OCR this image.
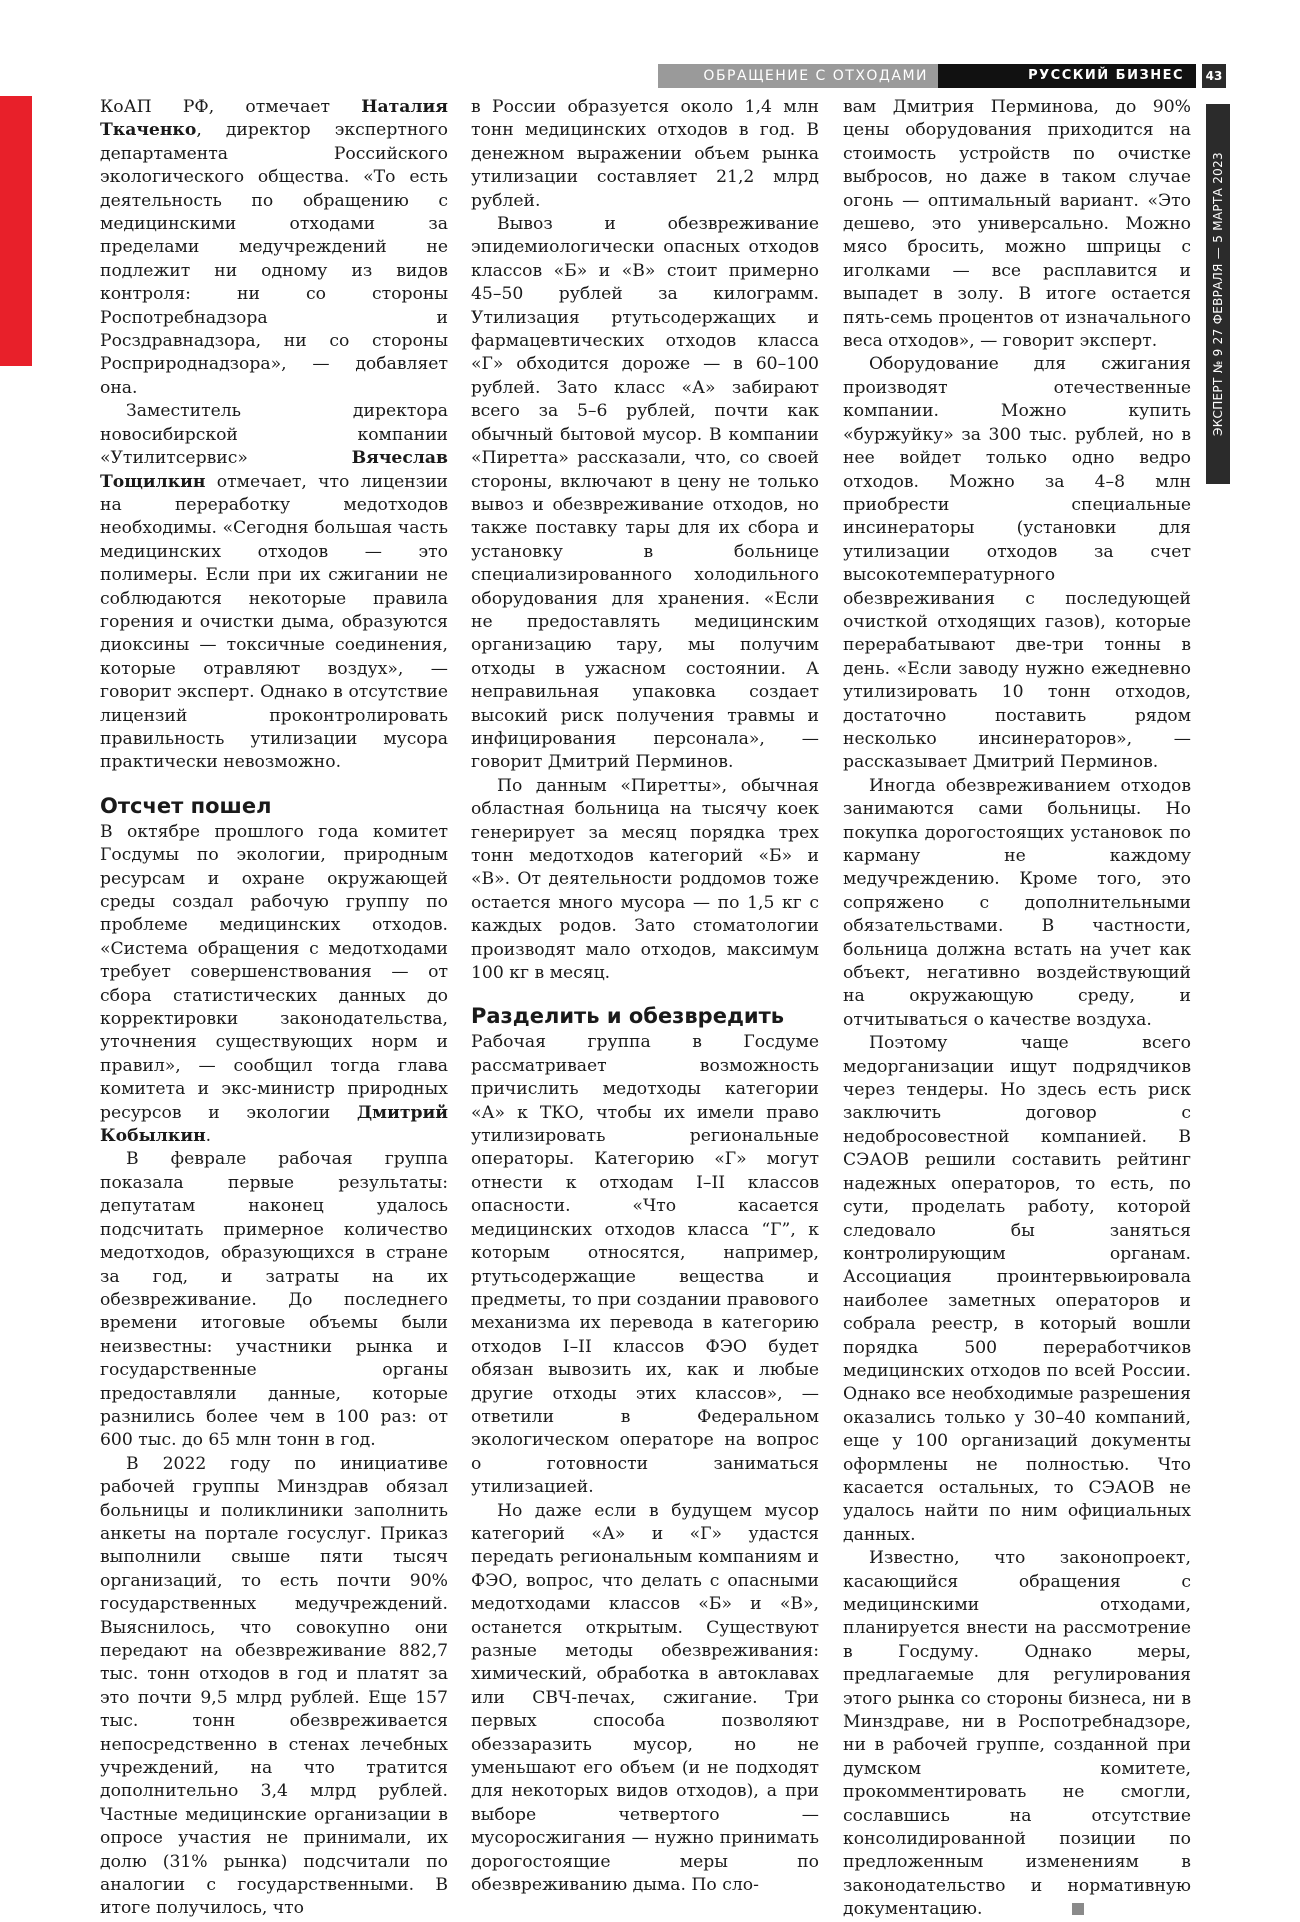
ОБРАЩЕНИЕ С ОТХОДАМИ	РУССКИЙ БИЗНЕС	43
ЭКСПЕРТ № 9 27 ФЕВРАЛЯ — 5 МАРТА 2023

КоАП РФ, отмечает Наталия Ткаченко, директор экспертного департамента Российского экологического общества. «То есть деятельность по обращению с медицинскими отходами за пределами медучреждений не подлежит ни одному из видов контроля: ни со стороны Роспотребнадзора и Росздравнадзора, ни со стороны Росприроднадзора», — добавляет она.

Заместитель директора новосибирской компании «Утилитсервис» Вячеслав Тощилкин отмечает, что лицензии на переработку медотходов необходимы. «Сегодня большая часть медицинских отходов — это полимеры. Если при их сжигании не соблюдаются некоторые правила горения и очистки дыма, образуются диоксины — токсичные соединения, которые отравляют воздух», — говорит эксперт. Однако в отсутствие лицензий проконтролировать правильность утилизации мусора практически невозможно.

Отсчет пошел

В октябре прошлого года комитет Госдумы по экологии, природным ресурсам и охране окружающей среды создал рабочую группу по проблеме медицинских отходов. «Система обращения с медотходами требует совершенствования — от сбора статистических данных до корректировки законодательства, уточнения существующих норм и правил», — сообщил тогда глава комитета и экс-министр природных ресурсов и экологии Дмитрий Кобылкин.

В феврале рабочая группа показала первые результаты: депутатам наконец удалось подсчитать примерное количество медотходов, образующихся в стране за год, и затраты на их обезвреживание. До последнего времени итоговые объемы были неизвестны: участники рынка и государственные органы предоставляли данные, которые разнились более чем в 100 раз: от 600 тыс. до 65 млн тонн в год.

В 2022 году по инициативе рабочей группы Минздрав обязал больницы и поликлиники заполнить анкеты на портале госуслуг. Приказ выполнили свыше пяти тысяч организаций, то есть почти 90% государственных медучреждений. Выяснилось, что совокупно они передают на обезвреживание 882,7 тыс. тонн отходов в год и платят за это почти 9,5 млрд рублей. Еще 157 тыс. тонн обезвреживается непосредственно в стенах лечебных учреждений, на что тратится дополнительно 3,4 млрд рублей. Частные медицинские организации в опросе участия не принимали, их долю (31% рынка) подсчитали по аналогии с государственными. В итоге получилось, что

в России образуется около 1,4 млн тонн медицинских отходов в год. В денежном выражении объем рынка утилизации составляет 21,2 млрд рублей.

Вывоз и обезвреживание эпидемиологически опасных отходов классов «Б» и «В» стоит примерно 45–50 рублей за килограмм. Утилизация ртутьсодержащих и фармацевтических отходов класса «Г» обходится дороже — в 60–100 рублей. Зато класс «А» забирают всего за 5–6 рублей, почти как обычный бытовой мусор. В компании «Пиретта» рассказали, что, со своей стороны, включают в цену не только вывоз и обезвреживание отходов, но также поставку тары для их сбора и установку в больнице специализированного холодильного оборудования для хранения. «Если не предоставлять медицинским организацию тару, мы получим отходы в ужасном состоянии. А неправильная упаковка создает высокий риск получения травмы и инфицирования персонала», — говорит Дмитрий Перминов.

По данным «Пиретты», обычная областная больница на тысячу коек генерирует за месяц порядка трех тонн медотходов категорий «Б» и «В». От деятельности роддомов тоже остается много мусора — по 1,5 кг с каждых родов. Зато стоматологии производят мало отходов, максимум 100 кг в месяц.

Разделить и обезвредить

Рабочая группа в Госдуме рассматривает возможность причислить медотходы категории «А» к ТКО, чтобы их имели право утилизировать региональные операторы. Категорию «Г» могут отнести к отходам I–II классов опасности. «Что касается медицинских отходов класса “Г”, к которым относятся, например, ртутьсодержащие вещества и предметы, то при создании правового механизма их перевода в категорию отходов I–II классов ФЭО будет обязан вывозить их, как и любые другие отходы этих классов», — ответили в Федеральном экологическом операторе на вопрос о готовности заниматься утилизацией.

Но даже если в будущем мусор категорий «А» и «Г» удастся передать региональным компаниям и ФЭО, вопрос, что делать с опасными медотходами классов «Б» и «В», останется открытым. Существуют разные методы обезвреживания: химический, обработка в автоклавах или СВЧ-печах, сжигание. Три первых способа позволяют обеззаразить мусор, но не уменьшают его объем (и не подходят для некоторых видов отходов), а при выборе четвертого — мусоросжигания — нужно принимать дорогостоящие меры по обезвреживанию дыма. По сло-

вам Дмитрия Перминова, до 90% цены оборудования приходится на стоимость устройств по очистке выбросов, но даже в таком случае огонь — оптимальный вариант. «Это дешево, это универсально. Можно мясо бросить, можно шприцы с иголками — все расплавится и выпадет в золу. В итоге остается пять-семь процентов от изначального веса отходов», — говорит эксперт.

Оборудование для сжигания производят отечественные компании. Можно купить «буржуйку» за 300 тыс. рублей, но в нее войдет только одно ведро отходов. Можно за 4–8 млн приобрести специальные инсинераторы (установки для утилизации отходов за счет высокотемпературного обезвреживания с последующей очисткой отходящих газов), которые перерабатывают две-три тонны в день. «Если заводу нужно ежедневно утилизировать 10 тонн отходов, достаточно поставить рядом несколько инсинераторов», — рассказывает Дмитрий Перминов.

Иногда обезвреживанием отходов занимаются сами больницы. Но покупка дорогостоящих установок по карману не каждому медучреждению. Кроме того, это сопряжено с дополнительными обязательствами. В частности, больница должна встать на учет как объект, негативно воздействующий на окружающую среду, и отчитываться о качестве воздуха.

Поэтому чаще всего медорганизации ищут подрядчиков через тендеры. Но здесь есть риск заключить договор с недобросовестной компанией. В СЭАОВ решили составить рейтинг надежных операторов, то есть, по сути, проделать работу, которой следовало бы заняться контролирующим органам. Ассоциация проинтервьюировала наиболее заметных операторов и собрала реестр, в который вошли порядка 500 переработчиков медицинских отходов по всей России. Однако все необходимые разрешения оказались только у 30–40 компаний, еще у 100 организаций документы оформлены не полностью. Что касается остальных, то СЭАОВ не удалось найти по ним официальных данных.

Известно, что законопроект, касающийся обращения с медицинскими отходами, планируется внести на рассмотрение в Госдуму. Однако меры, предлагаемые для регулирования этого рынка со стороны бизнеса, ни в Минздраве, ни в Роспотребнадзоре, ни в рабочей группе, созданной при думском комитете, прокомментировать не смогли, сославшись на отсутствие консолидированной позиции по предложенным изменениям в законодательство и нормативную документацию.
